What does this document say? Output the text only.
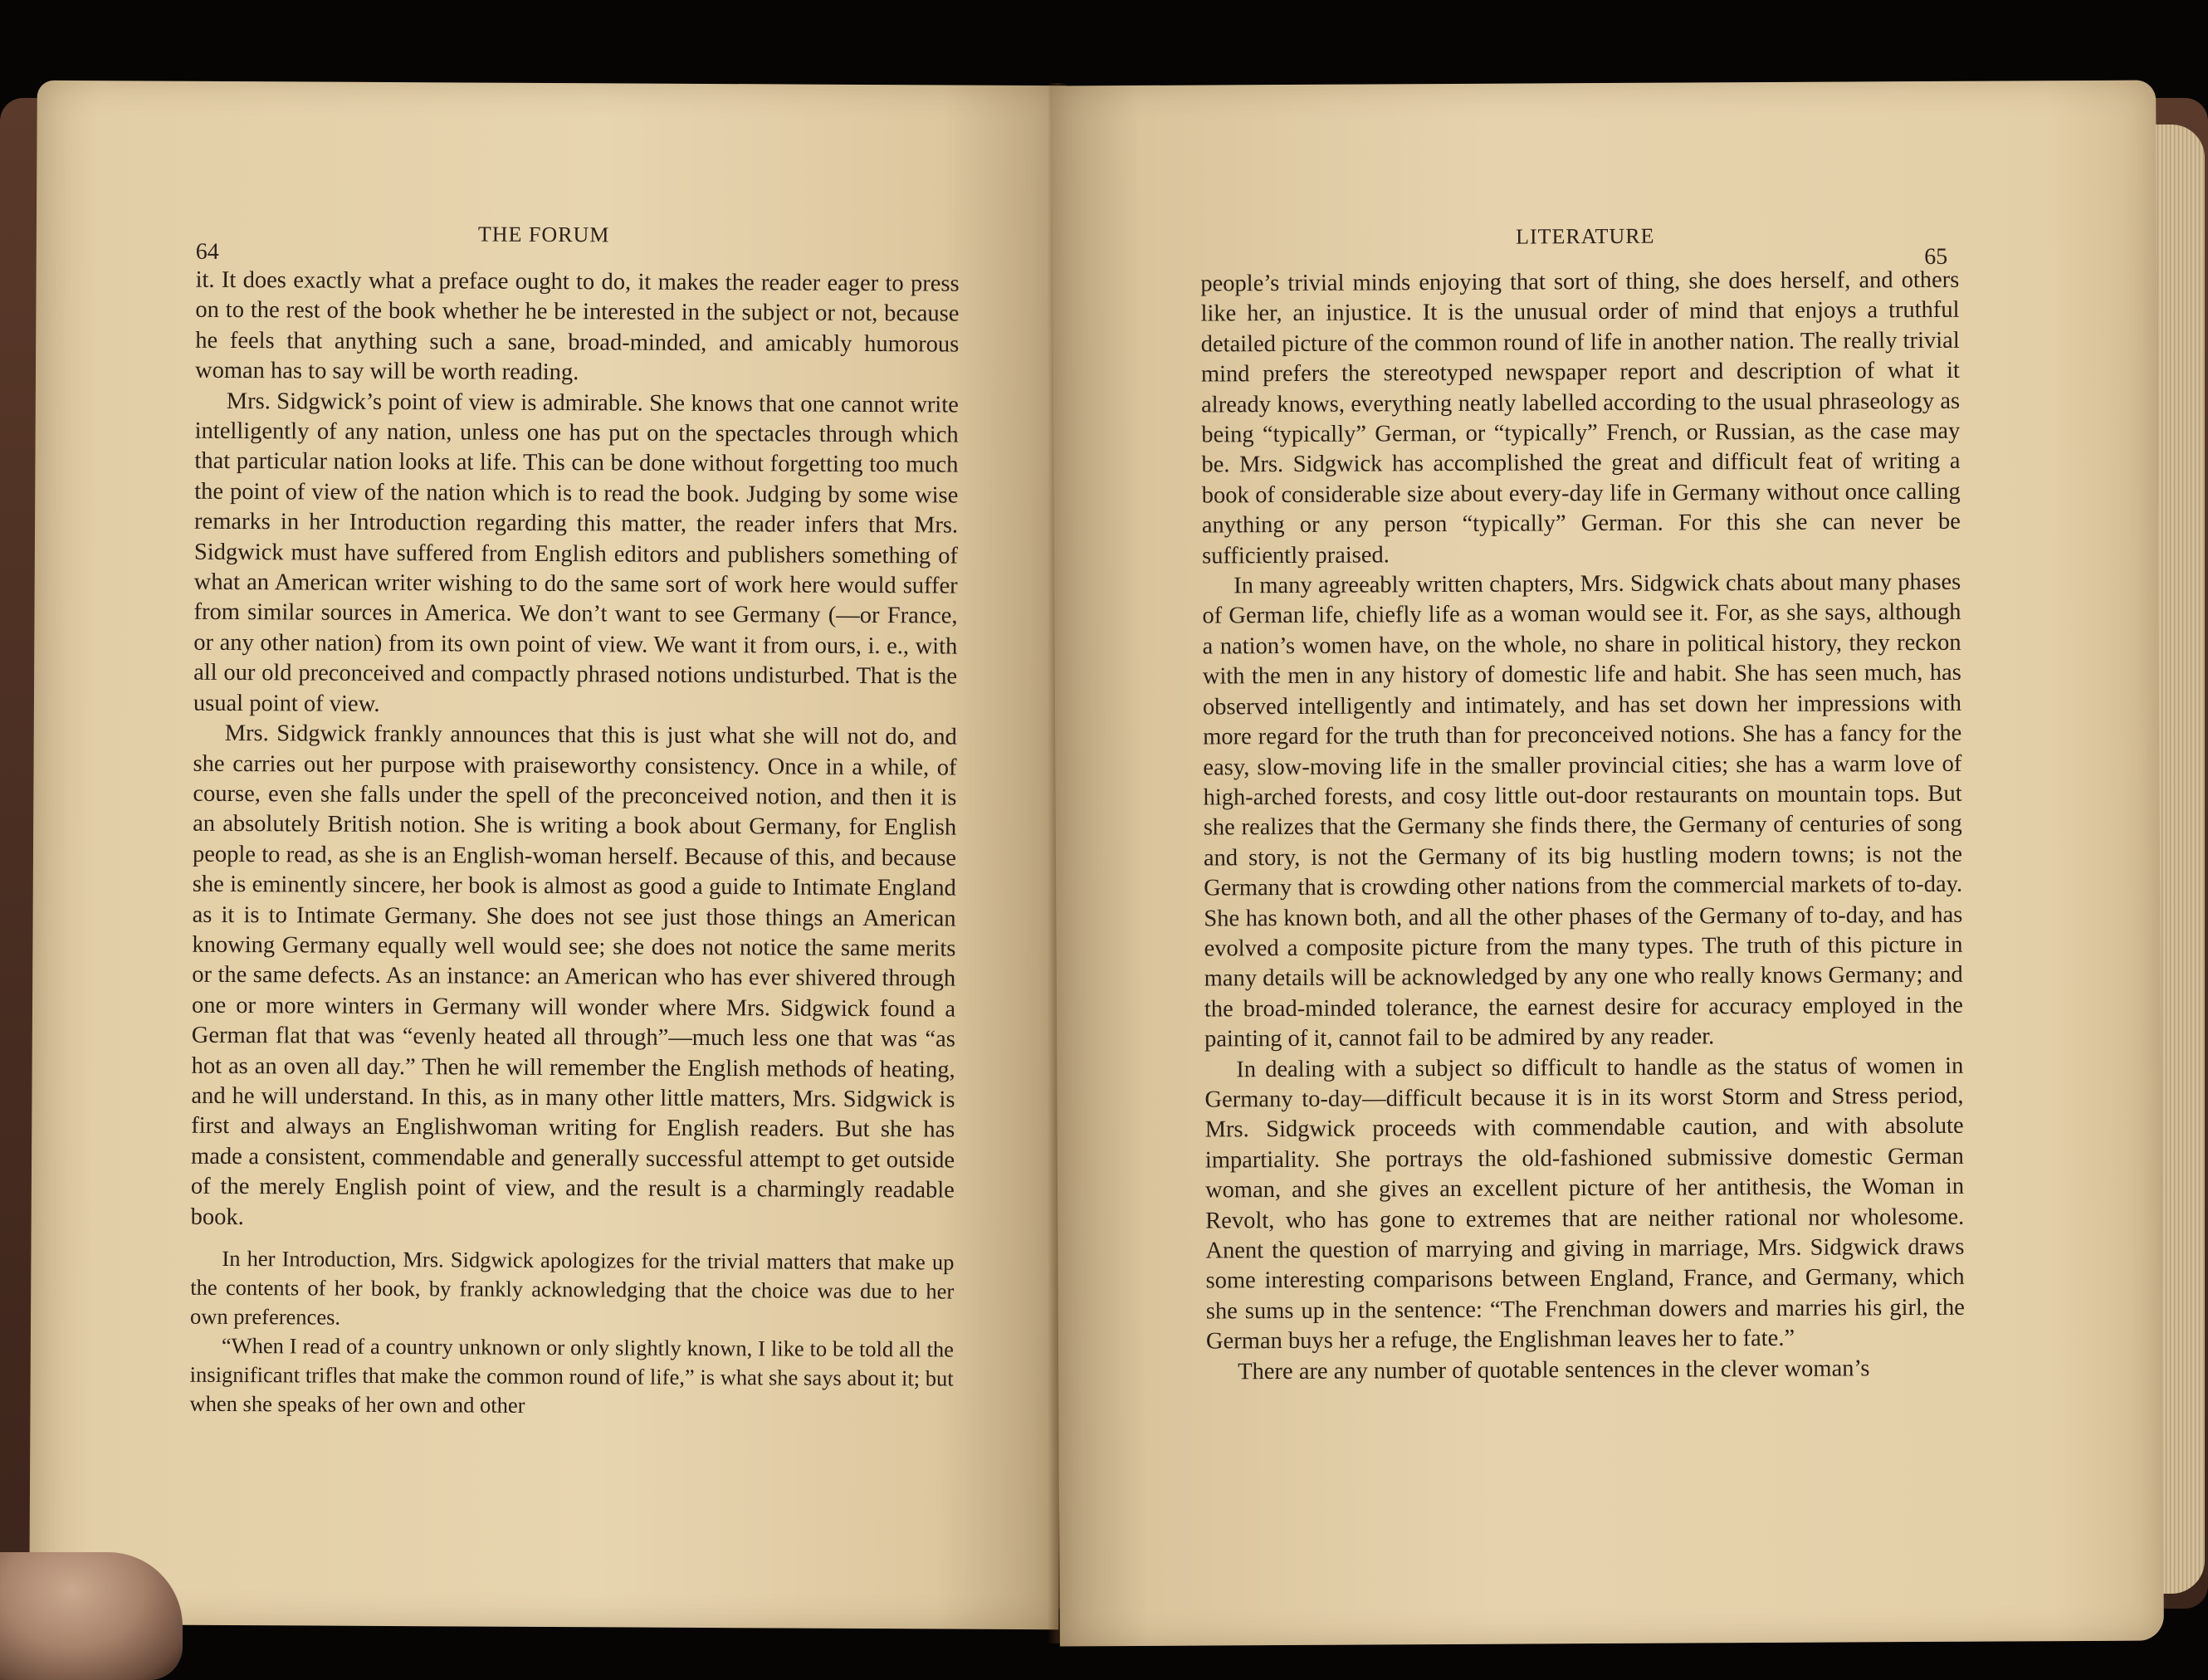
64
THE FORUM

it. It does exactly what a preface ought to do, it makes the reader eager to press on to the rest of the book whether he be interested in the subject or not, because he feels that anything such a sane, broad-minded, and amicably humorous woman has to say will be worth reading.

Mrs. Sidgwick’s point of view is admirable. She knows that one cannot write intelligently of any nation, unless one has put on the spectacles through which that particular nation looks at life. This can be done without forgetting too much the point of view of the nation which is to read the book. Judging by some wise remarks in her Introduction regarding this matter, the reader infers that Mrs. Sidgwick must have suffered from English editors and publishers something of what an American writer wishing to do the same sort of work here would suffer from similar sources in America. We don’t want to see Germany (—or France, or any other nation) from its own point of view. We want it from ours, i. e., with all our old preconceived and compactly phrased notions undisturbed. That is the usual point of view.

Mrs. Sidgwick frankly announces that this is just what she will not do, and she carries out her purpose with praiseworthy consistency. Once in a while, of course, even she falls under the spell of the preconceived notion, and then it is an absolutely British notion. She is writing a book about Germany, for English people to read, as she is an English-woman herself. Because of this, and because she is eminently sincere, her book is almost as good a guide to Intimate England as it is to Intimate Germany. She does not see just those things an American knowing Germany equally well would see; she does not notice the same merits or the same defects. As an instance: an American who has ever shivered through one or more winters in Germany will wonder where Mrs. Sidgwick found a German flat that was “evenly heated all through”—much less one that was “as hot as an oven all day.” Then he will remember the English methods of heating, and he will understand. In this, as in many other little matters, Mrs. Sidgwick is first and always an Englishwoman writing for English readers. But she has made a consistent, commendable and generally successful attempt to get outside of the merely English point of view, and the result is a charmingly readable book.

In her Introduction, Mrs. Sidgwick apologizes for the trivial matters that make up the contents of her book, by frankly acknowledging that the choice was due to her own preferences.

“When I read of a country unknown or only slightly known, I like to be told all the insignificant trifles that make the common round of life,” is what she says about it; but when she speaks of her own and other

LITERATURE
65

people’s trivial minds enjoying that sort of thing, she does herself, and others like her, an injustice. It is the unusual order of mind that enjoys a truthful detailed picture of the common round of life in another nation. The really trivial mind prefers the stereotyped newspaper report and description of what it already knows, everything neatly labelled according to the usual phraseology as being “typically” German, or “typically” French, or Russian, as the case may be. Mrs. Sidgwick has accomplished the great and difficult feat of writing a book of considerable size about every-day life in Germany without once calling anything or any person “typically” German. For this she can never be sufficiently praised.

In many agreeably written chapters, Mrs. Sidgwick chats about many phases of German life, chiefly life as a woman would see it. For, as she says, although a nation’s women have, on the whole, no share in political history, they reckon with the men in any history of domestic life and habit. She has seen much, has observed intelligently and intimately, and has set down her impressions with more regard for the truth than for preconceived notions. She has a fancy for the easy, slow-moving life in the smaller provincial cities; she has a warm love of high-arched forests, and cosy little out-door restaurants on mountain tops. But she realizes that the Germany she finds there, the Germany of centuries of song and story, is not the Germany of its big hustling modern towns; is not the Germany that is crowding other nations from the commercial markets of to-day. She has known both, and all the other phases of the Germany of to-day, and has evolved a composite picture from the many types. The truth of this picture in many details will be acknowledged by any one who really knows Germany; and the broad-minded tolerance, the earnest desire for accuracy employed in the painting of it, cannot fail to be admired by any reader.

In dealing with a subject so difficult to handle as the status of women in Germany to-day—difficult because it is in its worst Storm and Stress period, Mrs. Sidgwick proceeds with commendable caution, and with absolute impartiality. She portrays the old-fashioned submissive domestic German woman, and she gives an excellent picture of her antithesis, the Woman in Revolt, who has gone to extremes that are neither rational nor wholesome. Anent the question of marrying and giving in marriage, Mrs. Sidgwick draws some interesting comparisons between England, France, and Germany, which she sums up in the sentence: “The Frenchman dowers and marries his girl, the German buys her a refuge, the Englishman leaves her to fate.”

There are any number of quotable sentences in the clever woman’s
